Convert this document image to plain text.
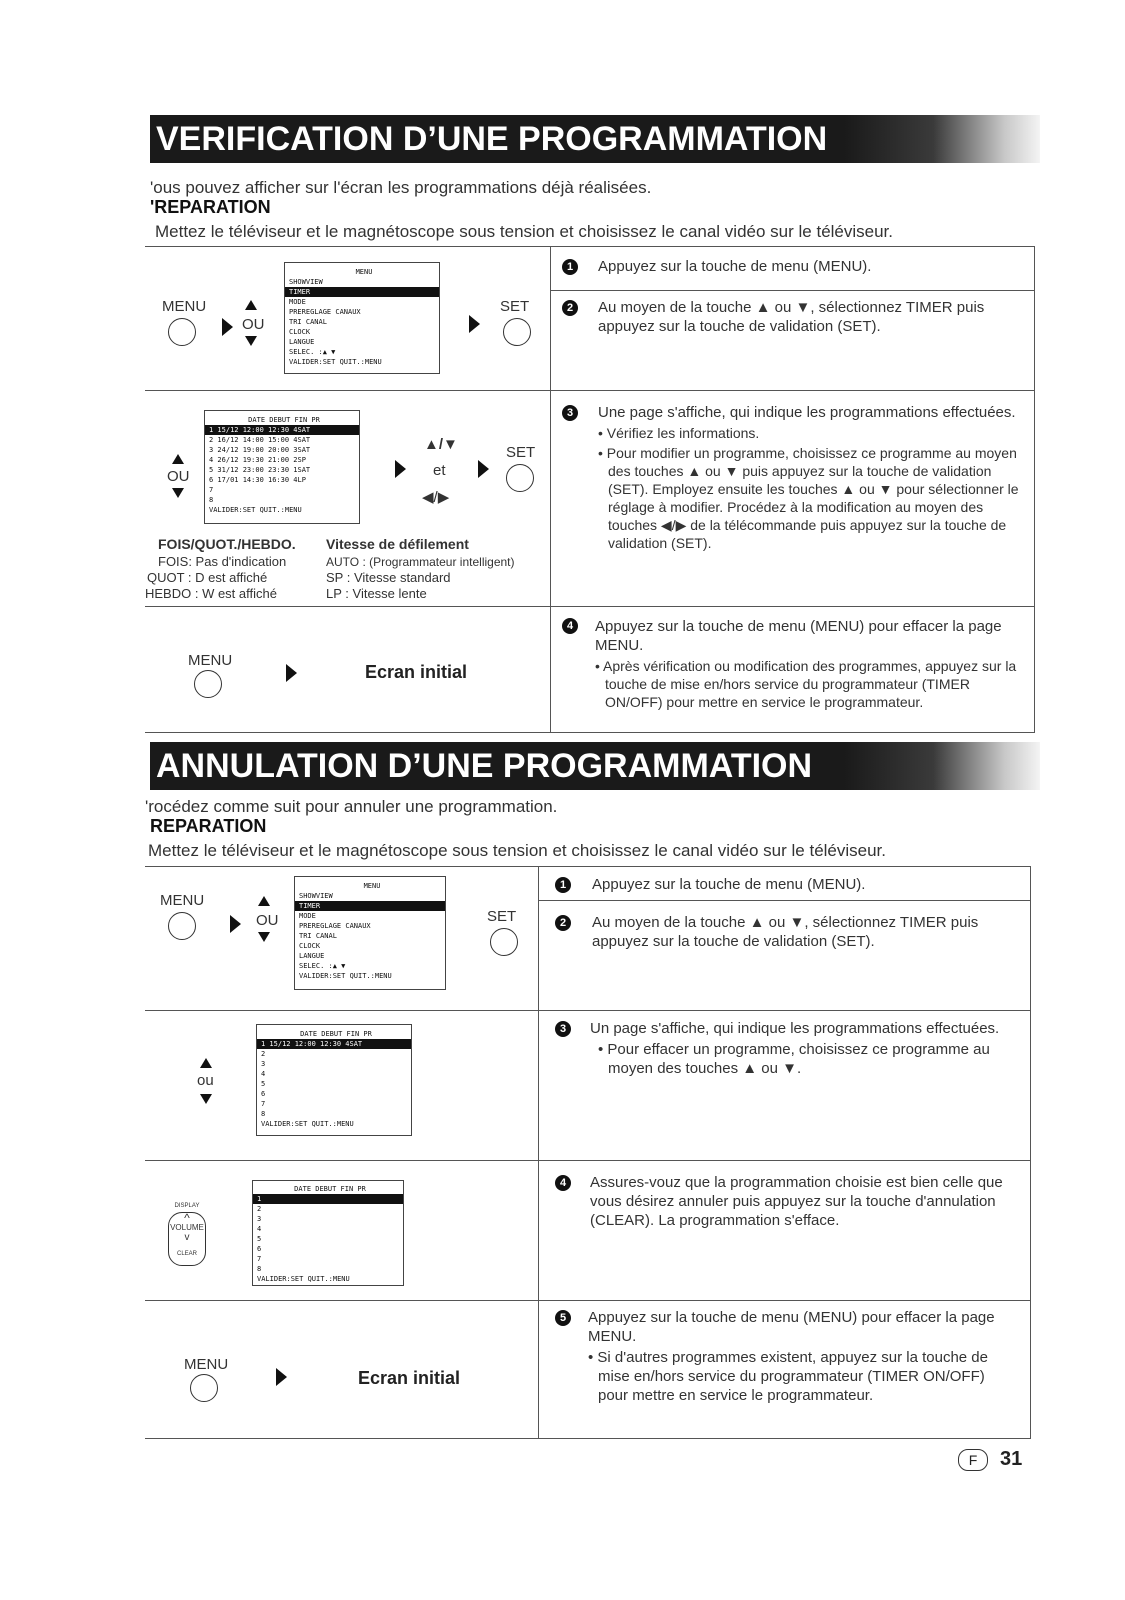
VERIFICATION D’UNE PROGRAMMATION
'ous pouvez afficher sur l'écran les programmations déjà réalisées.
'REPARATION
Mettez le téléviseur et le magnétoscope sous tension et choisissez le canal vidéo sur le téléviseur.
MENU
OU
MENU
SHOWVIEW
TIMER
MODE
PREREGLAGE CANAUX
TRI CANAL
CLOCK
LANGUE
SELEC. :▲ ▼
VALIDER:SET QUIT.:MENU
SET
1	Appuyez sur la touche de menu (MENU).
2	Au moyen de la touche ▲ ou ▼, sélectionnez TIMER puis appuyez sur la touche de validation (SET).
OU
DATE DEBUT FIN PR
1 15/12 12:00 12:30 4SAT
2 16/12 14:00 15:00 4SAT
3 24/12 19:00 20:00 3SAT
4 26/12 19:30 21:00 2SP
5 31/12 23:00 23:30 1SAT
6 17/01 14:30 16:30 4LP
7
8
VALIDER:SET QUIT.:MENU
▲/▼
et
◀/▶
SET
FOIS/QUOT./HEBDO.
FOIS: Pas d'indication
QUOT : D est affiché
HEBDO : W est affiché
Vitesse de défilement
AUTO : (Programmateur intelligent)
SP : Vitesse standard
LP : Vitesse lente
3	Une page s'affiche, qui indique les programmations effectuées.
• Vérifiez les informations.
• Pour modifier un programme, choisissez ce programme au moyen des touches ▲ ou ▼ puis appuyez sur la touche de validation (SET). Employez ensuite les touches ▲ ou ▼ pour sélectionner le réglage à modifier. Procédez à la modification au moyen des touches ◀/▶ de la télécommande puis appuyez sur la touche de validation (SET).
MENU
Ecran initial
4	Appuyez sur la touche de menu (MENU) pour effacer la page MENU.
• Après vérification ou modification des programmes, appuyez sur la touche de mise en/hors service du programmateur (TIMER ON/OFF) pour mettre en service le programmateur.
ANNULATION D’UNE PROGRAMMATION
'rocédez comme suit pour annuler une programmation.
REPARATION
Mettez le téléviseur et le magnétoscope sous tension et choisissez le canal vidéo sur le téléviseur.
MENU
OU
MENU
SHOWVIEW
TIMER
MODE
PREREGLAGE CANAUX
TRI CANAL
CLOCK
LANGUE
SELEC. :▲ ▼
VALIDER:SET QUIT.:MENU
SET
1	Appuyez sur la touche de menu (MENU).
2	Au moyen de la touche ▲ ou ▼, sélectionnez TIMER puis appuyez sur la touche de validation (SET).
ou
DATE DEBUT FIN PR
1 15/12 12:00 12:30 4SAT
2
3
4
5
6
7
8
VALIDER:SET QUIT.:MENU
3	Un page s'affiche, qui indique les programmations effectuées.
• Pour effacer un programme, choisissez ce programme au moyen des touches ▲ ou ▼.
DISPLAY
^
VOLUME
v
CLEAR
DATE DEBUT FIN PR
1
2
3
4
5
6
7
8
VALIDER:SET QUIT.:MENU
4	Assures-vouz que la programmation choisie est bien celle que vous désirez annuler puis appuyez sur la touche d'annulation (CLEAR). La programmation s'efface.
MENU
Ecran initial
5	Appuyez sur la touche de menu (MENU) pour effacer la page MENU.
• Si d'autres programmes existent, appuyez sur la touche de mise en/hors service du programmateur (TIMER ON/OFF) pour mettre en service le programmateur.
F	31
